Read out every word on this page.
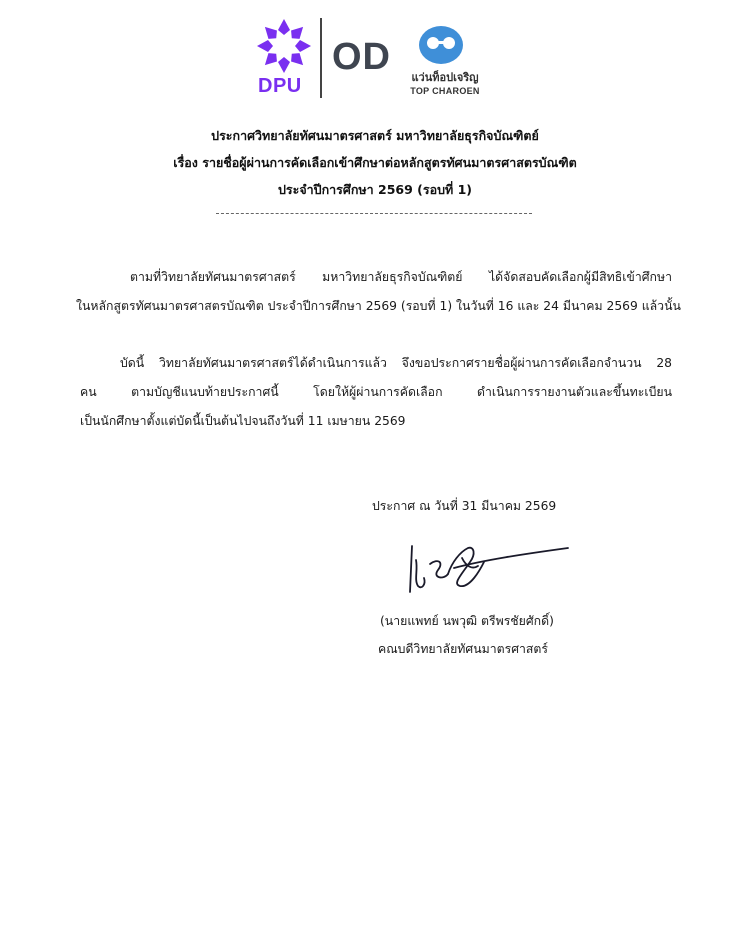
DPU
OD	แว่นท็อปเจริญ
TOP CHAROEN
ประกาศวิทยาลัยทัศนมาตรศาสตร์ มหาวิทยาลัยธุรกิจบัณฑิตย์
เรื่อง รายชื่อผู้ผ่านการคัดเลือกเข้าศึกษาต่อหลักสูตรทัศนมาตรศาสตรบัณฑิต
ประจำปีการศึกษา 2569 (รอบที่ 1)
ตามที่วิทยาลัยทัศนมาตรศาสตร์ มหาวิทยาลัยธุรกิจบัณฑิตย์ ได้จัดสอบคัดเลือกผู้มีสิทธิเข้าศึกษา
ในหลักสูตรทัศนมาตรศาสตรบัณฑิต ประจำปีการศึกษา 2569 (รอบที่ 1) ในวันที่ 16 และ 24 มีนาคม 2569 แล้วนั้น
บัดนี้ วิทยาลัยทัศนมาตรศาสตร์ได้ดำเนินการแล้ว จึงขอประกาศรายชื่อผู้ผ่านการคัดเลือกจำนวน 28
คน ตามบัญชีแนบท้ายประกาศนี้ โดยให้ผู้ผ่านการคัดเลือก ดำเนินการรายงานตัวและขึ้นทะเบียน
เป็นนักศึกษาตั้งแต่บัดนี้เป็นต้นไปจนถึงวันที่ 11 เมษายน 2569
ประกาศ ณ วันที่ 31 มีนาคม 2569
(นายแพทย์ นพวุฒิ ตรีพรชัยศักดิ์)
คณบดีวิทยาลัยทัศนมาตรศาสตร์
